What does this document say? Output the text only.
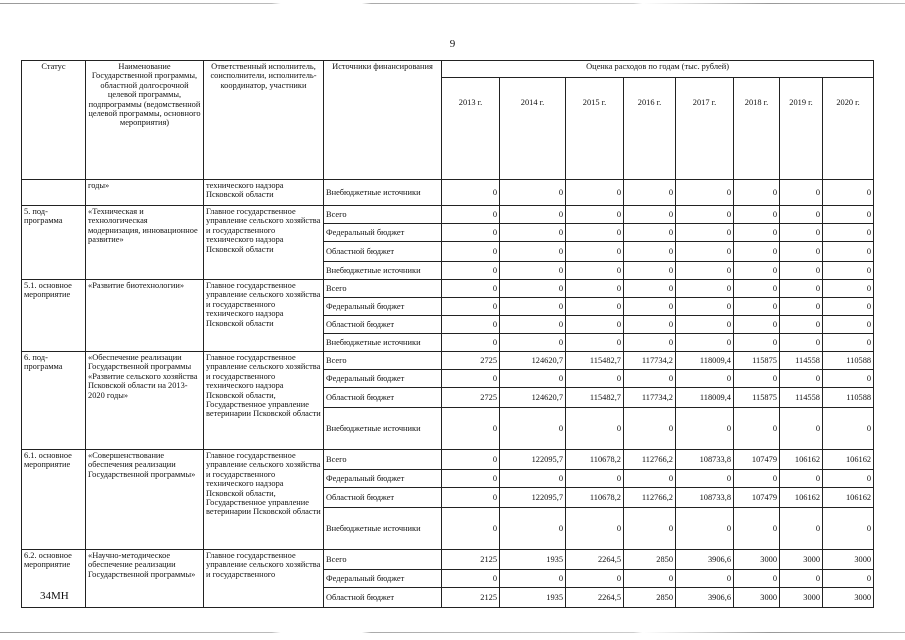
9
Статус	Наименование Государственной программы, областной долгосрочной целевой программы, подпрограммы (ведомственной целевой программы, основного мероприятия)	Ответственный исполнитель, соисполнители, исполнитель-координатор, участники	Источники финансирования	Оценка расходов по годам (тыс. рублей)							
				2013 г.	2014 г.	2015 г.	2016 г.	2017 г.	2018 г.	2019 г.	2020 г.
	годы»	технического надзора Псковской области	Внебюджетные источники	0	0	0	0	0	0	0	0
5. под-программа	«Техническая и технологическая модернизация, инновационное развитие»	Главное государственное управление сельского хозяйства и государственного технического надзора Псковской области	Всего	0	0	0	0	0	0	0	0
			Федеральный бюджет	0	0	0	0	0	0	0	0
			Областной бюджет	0	0	0	0	0	0	0	0
			Внебюджетные источники	0	0	0	0	0	0	0	0
5.1. основное мероприятие	«Развитие биотехнологии»	Главное государственное управление сельского хозяйства и государственного технического надзора Псковской области	Всего	0	0	0	0	0	0	0	0
			Федеральный бюджет	0	0	0	0	0	0	0	0
			Областной бюджет	0	0	0	0	0	0	0	0
			Внебюджетные источники	0	0	0	0	0	0	0	0
6. под-программа	«Обеспечение реализации Государственной программы «Развитие сельского хозяйства Псковской области на 2013-2020 годы»	Главное государственное управление сельского хозяйства и государственного технического надзора Псковской области, Государственное управление ветеринарии Псковской области	Всего	2725	124620,7	115482,7	117734,2	118009,4	115875	114558	110588
			Федеральный бюджет	0	0	0	0	0	0	0	0
			Областной бюджет	2725	124620,7	115482,7	117734,2	118009,4	115875	114558	110588
			Внебюджетные источники	0	0	0	0	0	0	0	0
6.1. основное мероприятие	«Совершенствование обеспечения реализации Государственной программы»	Главное государственное управление сельского хозяйства и государственного технического надзора Псковской области, Государственное управление ветеринарии Псковской области	Всего	0	122095,7	110678,2	112766,2	108733,8	107479	106162	106162
			Федеральный бюджет	0	0	0	0	0	0	0	0
			Областной бюджет	0	122095,7	110678,2	112766,2	108733,8	107479	106162	106162
			Внебюджетные источники	0	0	0	0	0	0	0	0
6.2. основное мероприятие	«Научно-методическое обеспечение реализации Государственной программы»	Главное государственное управление сельского хозяйства и государственного	Всего	2125	1935	2264,5	2850	3906,6	3000	3000	3000
			Федеральный бюджет	0	0	0	0	0	0	0	0
			Областной бюджет	2125	1935	2264,5	2850	3906,6	3000	3000	3000
34МН
